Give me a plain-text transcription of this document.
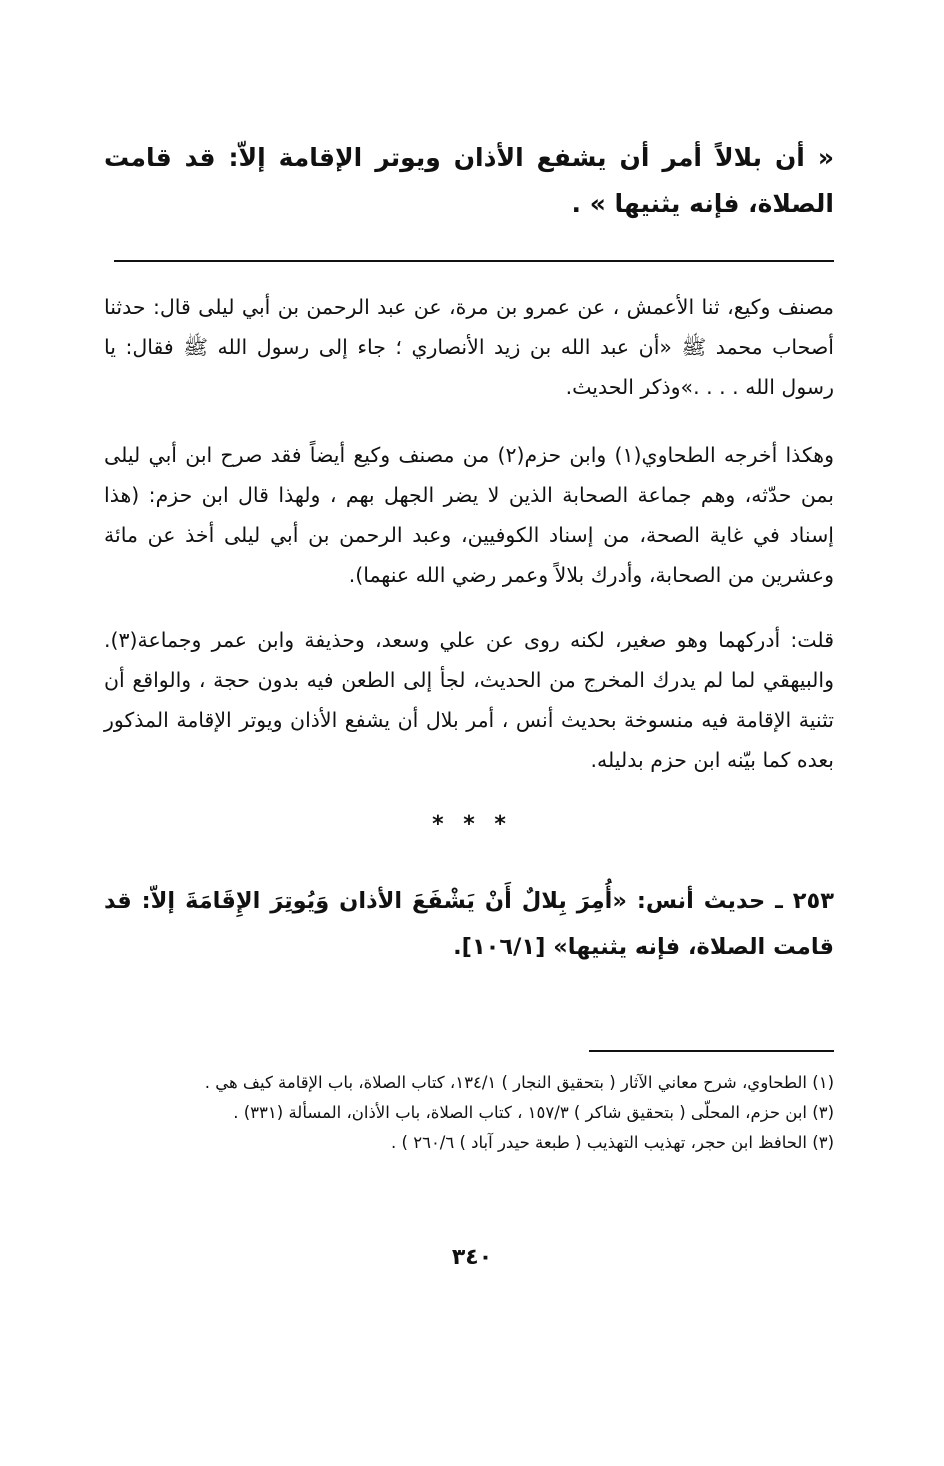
« أن بلالاً أمر أن يشفع الأذان ويوتر الإقامة إلاّ: قد قامت الصلاة، فإنه يثنيها » .
مصنف وكيع، ثنا الأعمش ، عن عمرو بن مرة، عن عبد الرحمن بن أبي ليلى قال: حدثنا أصحاب محمد ﷺ «أن عبد الله بن زيد الأنصاري ؛ جاء إلى رسول الله ﷺ فقال: يا رسول الله . . . .»وذكر الحديث.
وهكذا أخرجه الطحاوي(١) وابن حزم(٢) من مصنف وكيع أيضاً فقد صرح ابن أبي ليلى بمن حدّثه، وهم جماعة الصحابة الذين لا يضر الجهل بهم ، ولهذا قال ابن حزم: (هذا إسناد في غاية الصحة، من إسناد الكوفيين، وعبد الرحمن بن أبي ليلى أخذ عن مائة وعشرين من الصحابة، وأدرك بلالاً وعمر رضي الله عنهما).
قلت: أدركهما وهو صغير، لكنه روى عن علي وسعد، وحذيفة وابن عمر وجماعة(٣). والبيهقي لما لم يدرك المخرج من الحديث، لجأ إلى الطعن فيه بدون حجة ، والواقع أن تثنية الإقامة فيه منسوخة بحديث أنس ، أمر بلال أن يشفع الأذان ويوتر الإقامة المذكور بعده كما بيّنه ابن حزم بدليله.
* * *
٢٥٣ ـ حديث أنس: «أُمِرَ بِلالٌ أَنْ يَشْفَعَ الأذان وَيُوتِرَ الإِقَامَةَ إلاّ: قد قامت الصلاة، فإنه يثنيها» [١٠٦/١].
(١) الطحاوي، شرح معاني الآثار ( بتحقيق النجار ) ١٣٤/١، كتاب الصلاة، باب الإقامة كيف هي .
(٣) ابن حزم، المحلّى ( بتحقيق شاكر ) ١٥٧/٣ ، كتاب الصلاة، باب الأذان، المسألة (٣٣١) .
(٣) الحافظ ابن حجر، تهذيب التهذيب ( طبعة حيدر آباد ) ٢٦٠/٦ ) .
٣٤٠
